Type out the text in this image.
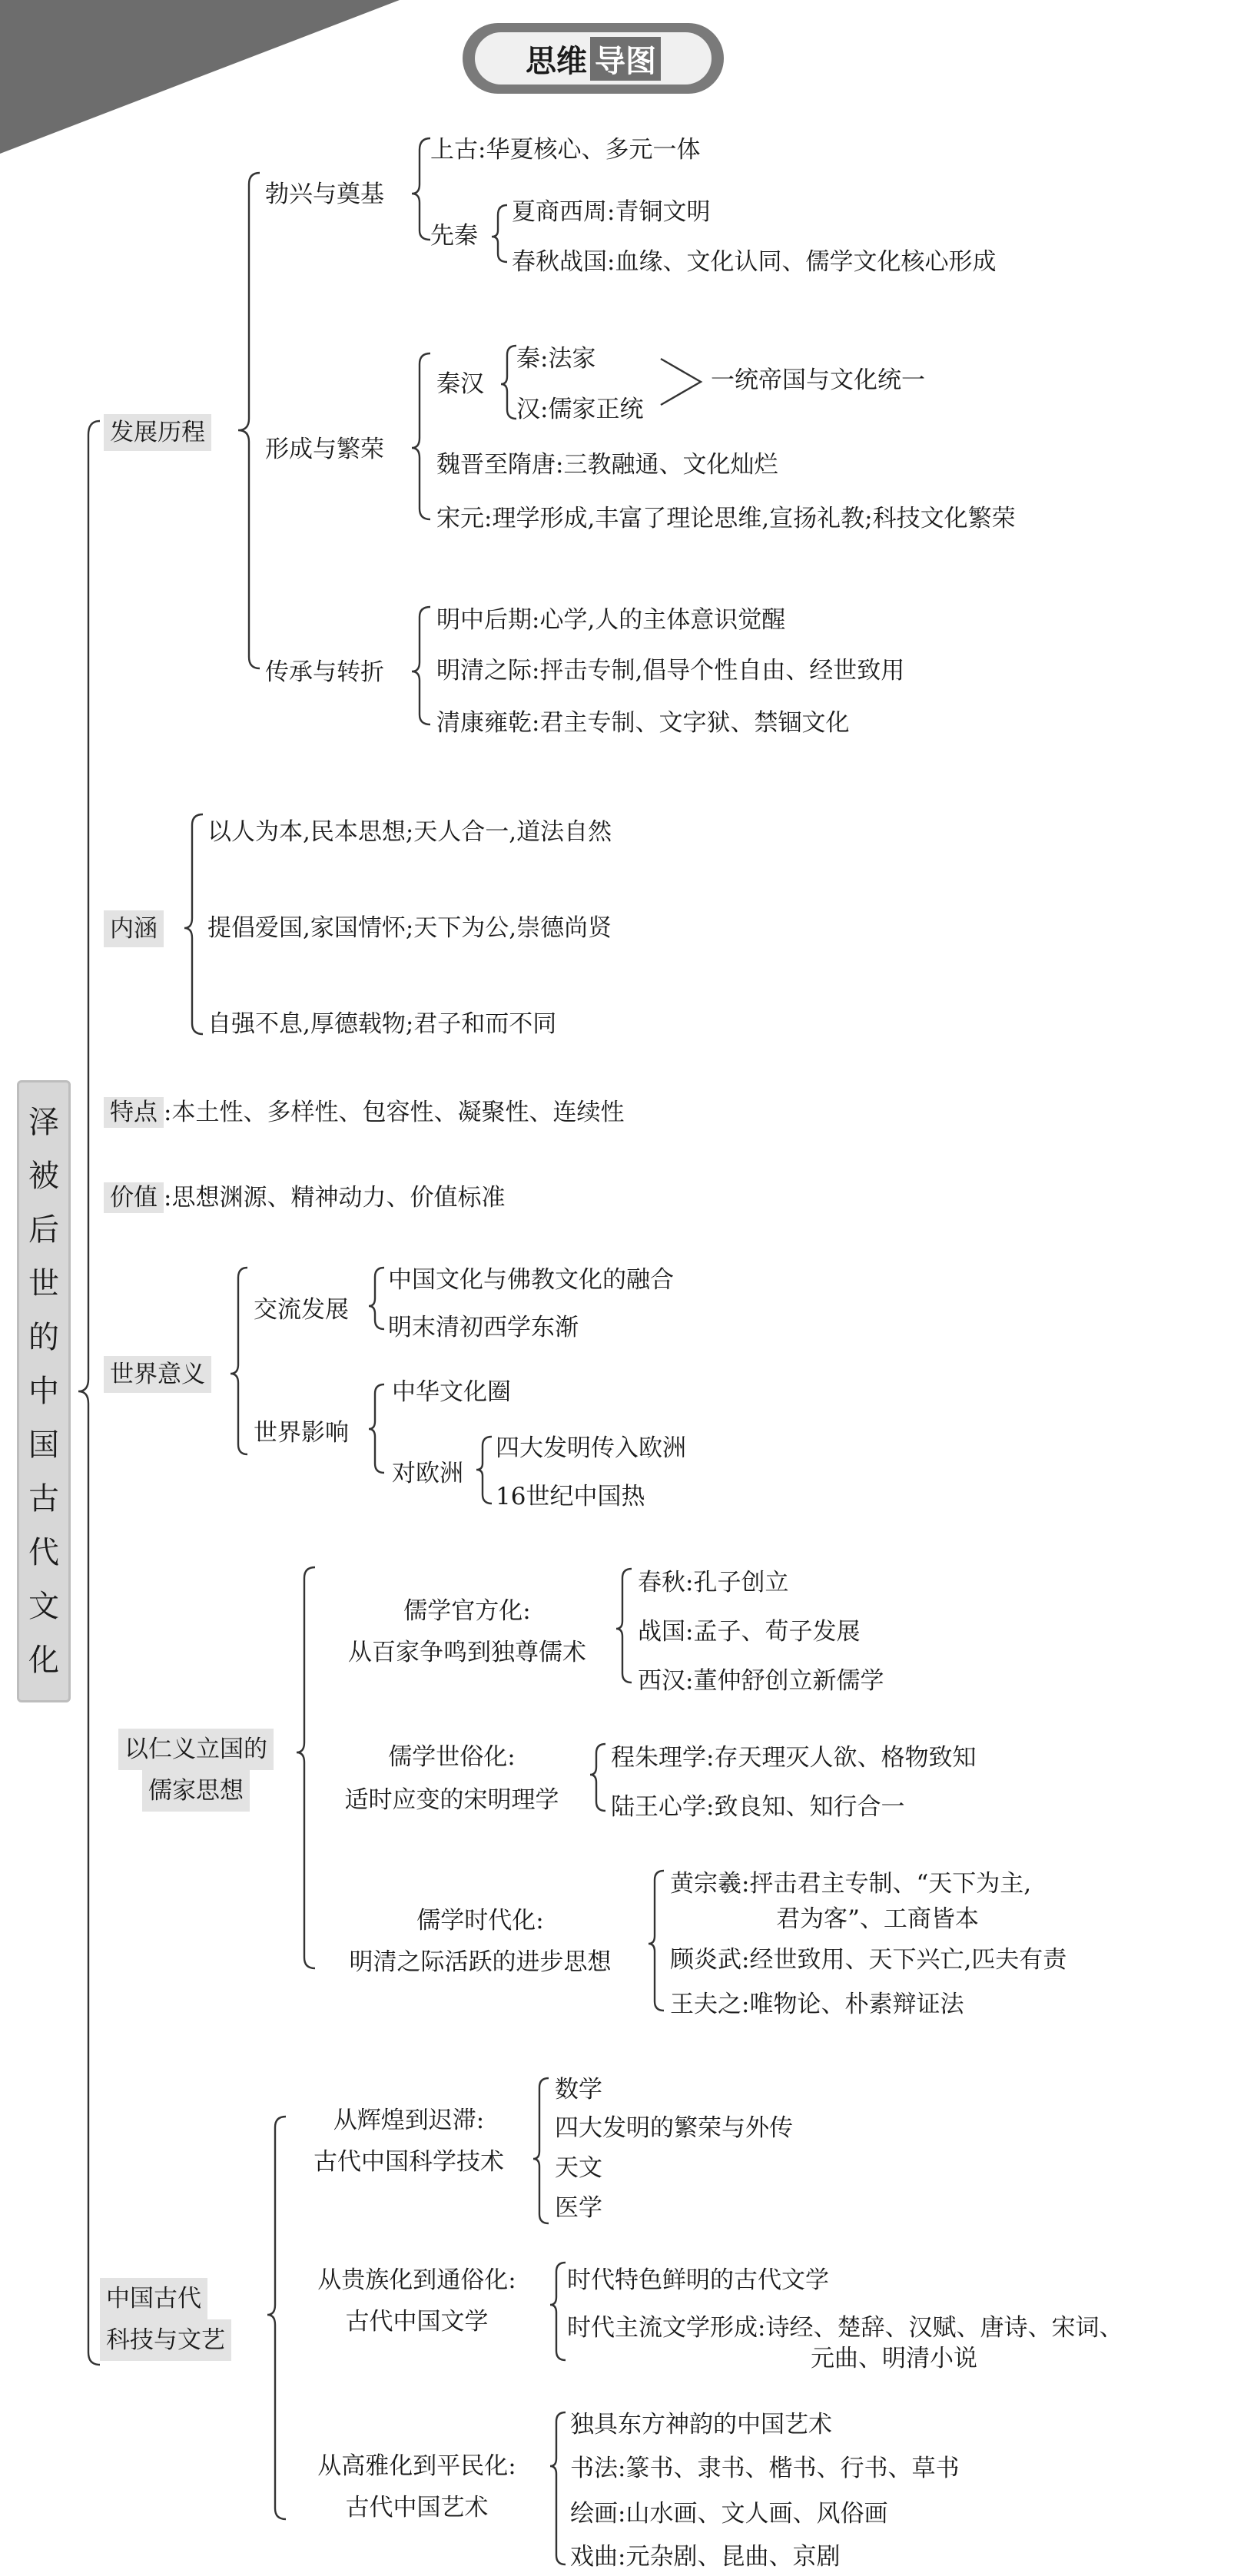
思维 导图
泽
被
后
世
的
中
国
古
代
文
化
发展历程
勃兴与奠基
上古:华夏核心、多元一体
先秦
夏商西周:青铜文明
春秋战国:血缘、文化认同、儒学文化核心形成
形成与繁荣
秦汉
秦:法家
汉:儒家正统
一统帝国与文化统一
魏晋至隋唐:三教融通、文化灿烂
宋元:理学形成,丰富了理论思维,宣扬礼教;科技文化繁荣
传承与转折
明中后期:心学,人的主体意识觉醒
明清之际:抨击专制,倡导个性自由、经世致用
清康雍乾:君主专制、文字狱、禁锢文化
内涵
以人为本,民本思想;天人合一,道法自然
提倡爱国,家国情怀;天下为公,崇德尚贤
自强不息,厚德载物;君子和而不同
特点 :本土性、多样性、包容性、凝聚性、连续性
价值 :思想渊源、精神动力、价值标准
世界意义
交流发展
中国文化与佛教文化的融合
明末清初西学东渐
世界影响
中华文化圈
对欧洲
四大发明传入欧洲
16世纪中国热
以仁义立国的
儒家思想
儒学官方化:
从百家争鸣到独尊儒术
春秋:孔子创立
战国:孟子、荀子发展
西汉:董仲舒创立新儒学
儒学世俗化:
适时应变的宋明理学
程朱理学:存天理灭人欲、格物致知
陆王心学:致良知、知行合一
儒学时代化:
明清之际活跃的进步思想
黄宗羲:抨击君主专制、“天下为主,
君为客”、工商皆本
顾炎武:经世致用、天下兴亡,匹夫有责
王夫之:唯物论、朴素辩证法
中国古代
科技与文艺
从辉煌到迟滞:
古代中国科学技术
数学
四大发明的繁荣与外传
天文
医学
从贵族化到通俗化:
古代中国文学
时代特色鲜明的古代文学
时代主流文学形成:诗经、楚辞、汉赋、唐诗、宋词、
元曲、明清小说
从高雅化到平民化:
古代中国艺术
独具东方神韵的中国艺术
书法:篆书、隶书、楷书、行书、草书
绘画:山水画、文人画、风俗画
戏曲:元杂剧、昆曲、京剧
